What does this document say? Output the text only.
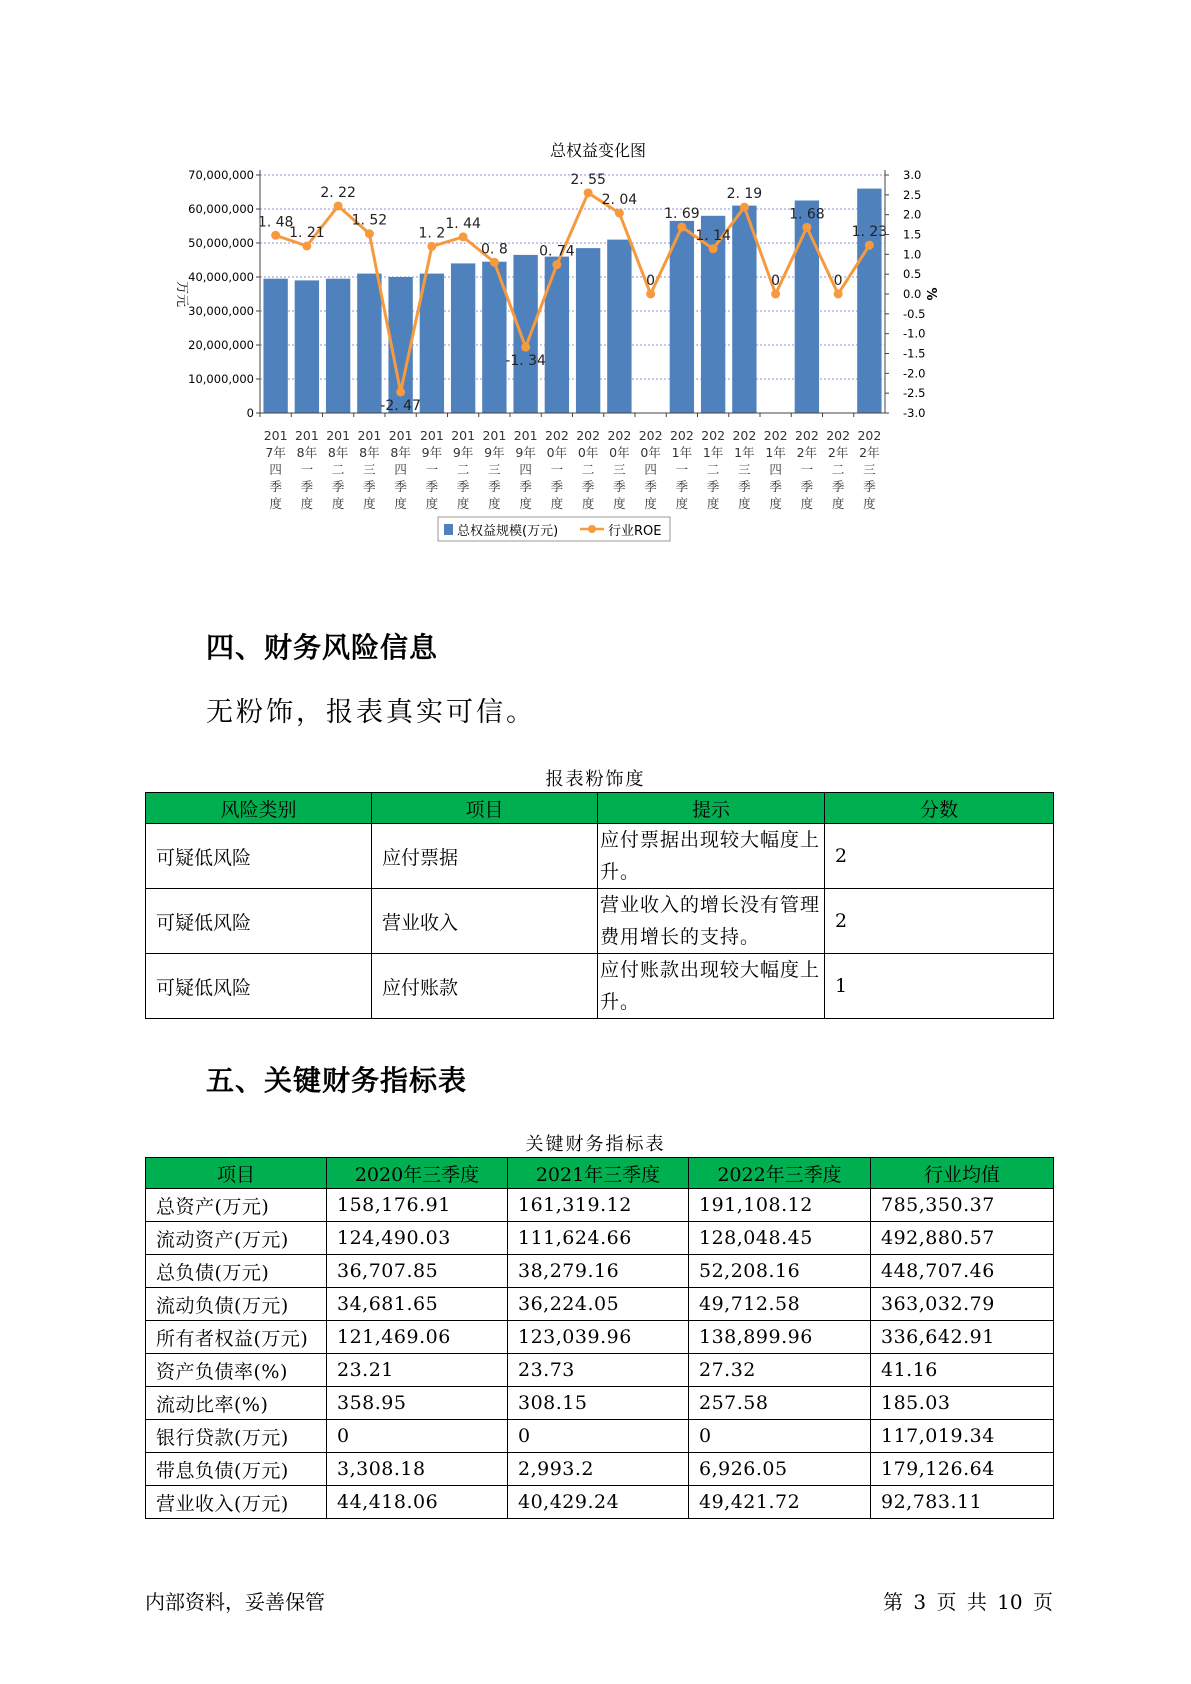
总权益变化图
1. 48
1. 21
2. 22
1. 52
-2. 47
1. 2
1. 44
0. 8
-1. 34
0. 74
2. 55
2. 04
0
1. 69
1. 14
2. 19
0
1. 68
0
1. 23
0
10,000,000
20,000,000
30,000,000
40,000,000
50,000,000
60,000,000
70,000,000
-3.0
-2.5
-2.0
-1.5
-1.0
-0.5
0.0
0.5
1.0
1.5
2.0
2.5
3.0
万元	%
201
7年
四
季
度
201
8年
一
季
度
201
8年
二
季
度
201
8年
三
季
度
201
8年
四
季
度
201
9年
一
季
度
201
9年
二
季
度
201
9年
三
季
度
201
9年
四
季
度
202
0年
一
季
度
202
0年
二
季
度
202
0年
三
季
度
202
0年
四
季
度
202
1年
一
季
度
202
1年
二
季
度
202
1年
三
季
度
202
1年
四
季
度
202
2年
一
季
度
202
2年
二
季
度
202
2年
三
季
度
总权益规模(万元)	行业ROE
四、财务风险信息
无粉饰，报表真实可信。
报表粉饰度
风险类别	项目	提示	分数
可疑低风险	应付票据	应付票据出现较大幅度上升。	2
可疑低风险	营业收入	营业收入的增长没有管理费用增长的支持。	2
可疑低风险	应付账款	应付账款出现较大幅度上升。	1
五、关键财务指标表
关键财务指标表
项目	2020年三季度	2021年三季度	2022年三季度	行业均值
总资产(万元)	158,176.91	161,319.12	191,108.12	785,350.37
流动资产(万元)	124,490.03	111,624.66	128,048.45	492,880.57
总负债(万元)	36,707.85	38,279.16	52,208.16	448,707.46
流动负债(万元)	34,681.65	36,224.05	49,712.58	363,032.79
所有者权益(万元)	121,469.06	123,039.96	138,899.96	336,642.91
资产负债率(%)	23.21	23.73	27.32	41.16
流动比率(%)	358.95	308.15	257.58	185.03
银行贷款(万元)	0	0	0	117,019.34
带息负债(万元)	3,308.18	2,993.2	6,926.05	179,126.64
营业收入(万元)	44,418.06	40,429.24	49,421.72	92,783.11
内部资料，妥善保管	第 3 页 共 10 页
